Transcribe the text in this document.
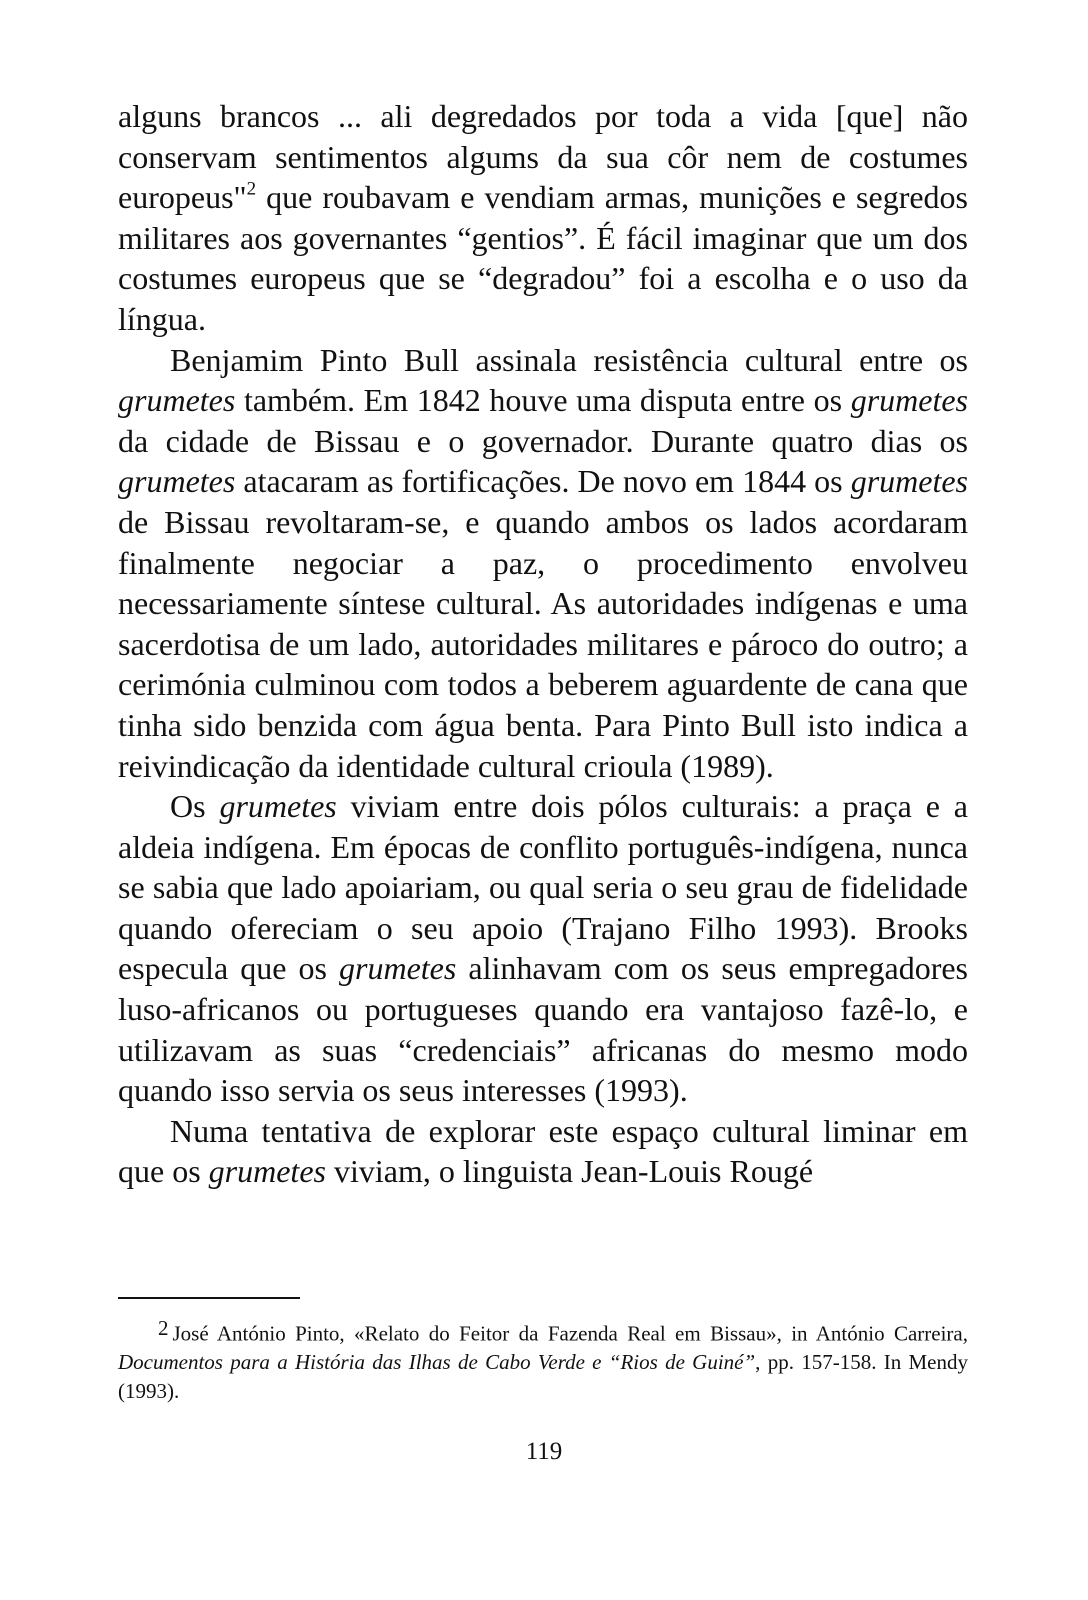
alguns brancos ... ali degredados por toda a vida [que] não conservam sentimentos algums da sua côr nem de costumes europeus"$^2$ que roubavam e vendiam armas, munições e segredos militares aos governantes “gentios”. É fácil imaginar que um dos costumes europeus que se “degradou” foi a escolha e o uso da língua.

Benjamim Pinto Bull assinala resistência cultural entre os grumetes também. Em 1842 houve uma disputa entre os grumetes da cidade de Bissau e o governador. Durante quatro dias os grumetes atacaram as fortificações. De novo em 1844 os grumetes de Bissau revoltaram-se, e quando ambos os lados acordaram finalmente negociar a paz, o procedimento envolveu necessariamente síntese cultural. As autoridades indígenas e uma sacerdotisa de um lado, autoridades militares e pároco do outro; a cerimónia culminou com todos a beberem aguardente de cana que tinha sido benzida com água benta. Para Pinto Bull isto indica a reivindicação da identidade cultural crioula (1989).

Os grumetes viviam entre dois pólos culturais: a praça e a aldeia indígena. Em épocas de conflito português-indígena, nunca se sabia que lado apoiariam, ou qual seria o seu grau de fidelidade quando ofereciam o seu apoio (Trajano Filho 1993). Brooks especula que os grumetes alinhavam com os seus empregadores luso-africanos ou portugueses quando era vantajoso fazê-lo, e utilizavam as suas “credenciais” africanas do mesmo modo quando isso servia os seus interesses (1993).

Numa tentativa de explorar este espaço cultural liminar em que os grumetes viviam, o linguista Jean-Louis Rougé

2 José António Pinto, «Relato do Feitor da Fazenda Real em Bissau», in António Carreira, Documentos para a História das Ilhas de Cabo Verde e “Rios de Guiné”, pp. 157-158. In Mendy (1993).
119
